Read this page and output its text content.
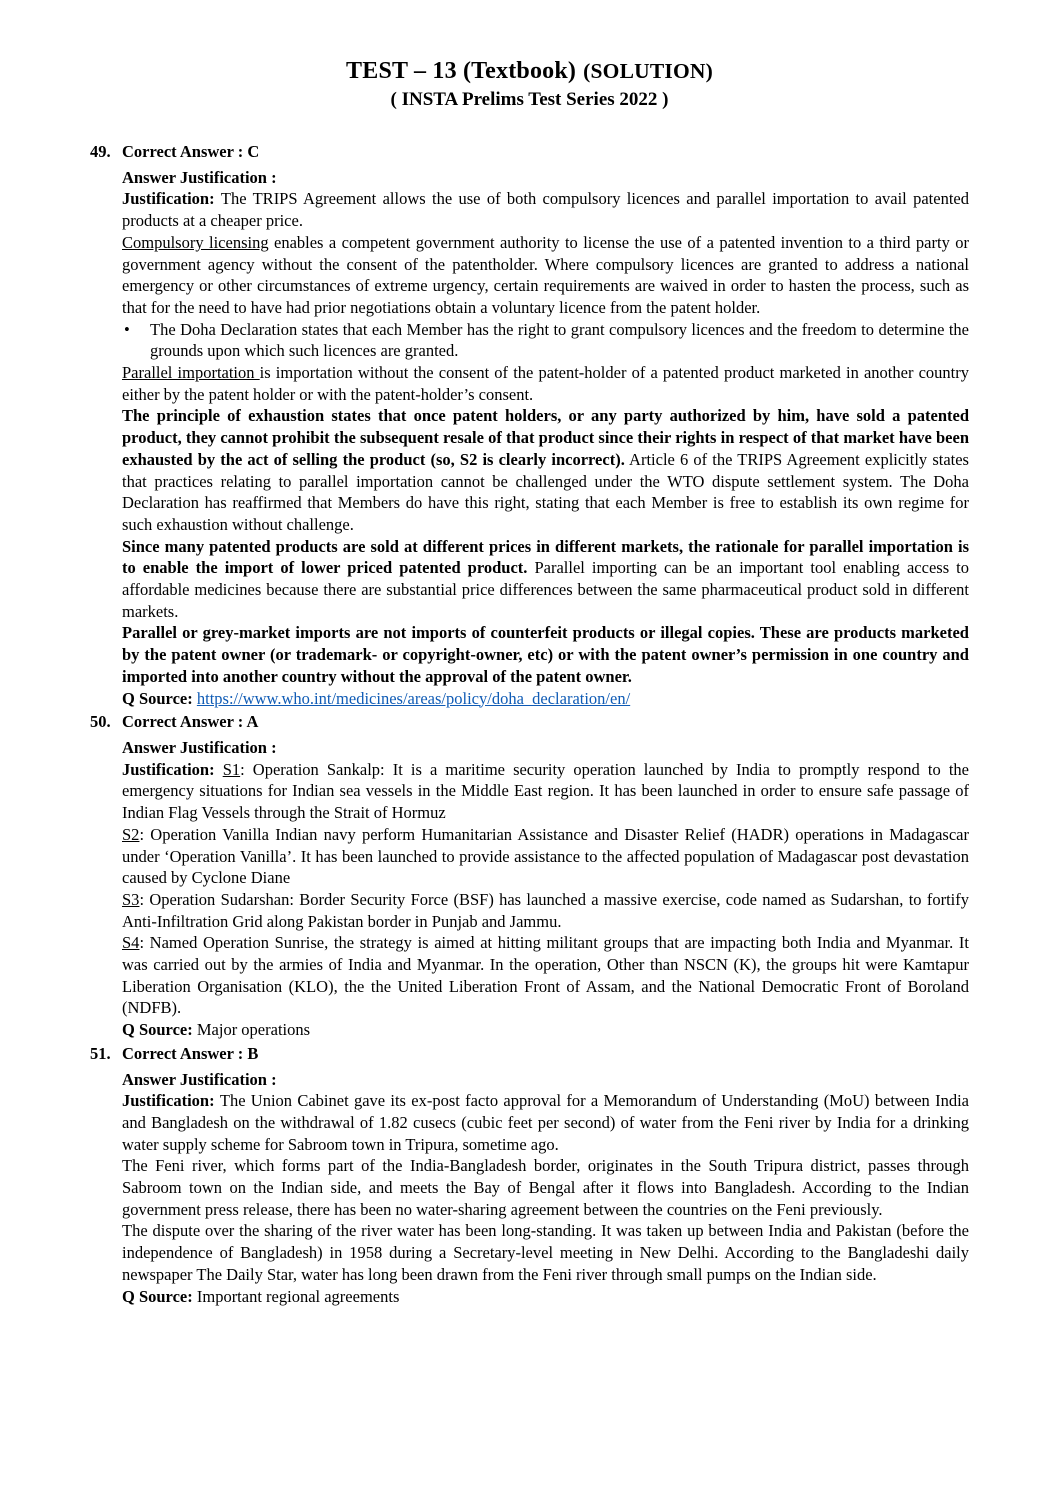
TEST – 13 (Textbook) (SOLUTION)
( INSTA Prelims Test Series 2022 )
49. Correct Answer : C
Answer Justification :

Justification: The TRIPS Agreement allows the use of both compulsory licences and parallel importation to avail patented products at a cheaper price.

Compulsory licensing enables a competent government authority to license the use of a patented invention to a third party or government agency without the consent of the patentholder. Where compulsory licences are granted to address a national emergency or other circumstances of extreme urgency, certain requirements are waived in order to hasten the process, such as that for the need to have had prior negotiations obtain a voluntary licence from the patent holder.

• The Doha Declaration states that each Member has the right to grant compulsory licences and the freedom to determine the grounds upon which such licences are granted.

Parallel importation is importation without the consent of the patent-holder of a patented product marketed in another country either by the patent holder or with the patent-holder’s consent.

The principle of exhaustion states that once patent holders, or any party authorized by him, have sold a patented product, they cannot prohibit the subsequent resale of that product since their rights in respect of that market have been exhausted by the act of selling the product (so, S2 is clearly incorrect). Article 6 of the TRIPS Agreement explicitly states that practices relating to parallel importation cannot be challenged under the WTO dispute settlement system. The Doha Declaration has reaffirmed that Members do have this right, stating that each Member is free to establish its own regime for such exhaustion without challenge.

Since many patented products are sold at different prices in different markets, the rationale for parallel importation is to enable the import of lower priced patented product. Parallel importing can be an important tool enabling access to affordable medicines because there are substantial price differences between the same pharmaceutical product sold in different markets.

Parallel or grey-market imports are not imports of counterfeit products or illegal copies. These are products marketed by the patent owner (or trademark- or copyright-owner, etc) or with the patent owner’s permission in one country and imported into another country without the approval of the patent owner.

Q Source: https://www.who.int/medicines/areas/policy/doha_declaration/en/

50. Correct Answer : A
Answer Justification :

Justification: S1: Operation Sankalp: It is a maritime security operation launched by India to promptly respond to the emergency situations for Indian sea vessels in the Middle East region. It has been launched in order to ensure safe passage of Indian Flag Vessels through the Strait of Hormuz

S2: Operation Vanilla Indian navy perform Humanitarian Assistance and Disaster Relief (HADR) operations in Madagascar under ‘Operation Vanilla’. It has been launched to provide assistance to the affected population of Madagascar post devastation caused by Cyclone Diane

S3: Operation Sudarshan: Border Security Force (BSF) has launched a massive exercise, code named as Sudarshan, to fortify Anti-Infiltration Grid along Pakistan border in Punjab and Jammu.

S4: Named Operation Sunrise, the strategy is aimed at hitting militant groups that are impacting both India and Myanmar. It was carried out by the armies of India and Myanmar. In the operation, Other than NSCN (K), the groups hit were Kamtapur Liberation Organisation (KLO), the the United Liberation Front of Assam, and the National Democratic Front of Boroland (NDFB).

Q Source: Major operations

51. Correct Answer : B
Answer Justification :

Justification: The Union Cabinet gave its ex-post facto approval for a Memorandum of Understanding (MoU) between India and Bangladesh on the withdrawal of 1.82 cusecs (cubic feet per second) of water from the Feni river by India for a drinking water supply scheme for Sabroom town in Tripura, sometime ago.

The Feni river, which forms part of the India-Bangladesh border, originates in the South Tripura district, passes through Sabroom town on the Indian side, and meets the Bay of Bengal after it flows into Bangladesh. According to the Indian government press release, there has been no water-sharing agreement between the countries on the Feni previously.

The dispute over the sharing of the river water has been long-standing. It was taken up between India and Pakistan (before the independence of Bangladesh) in 1958 during a Secretary-level meeting in New Delhi. According to the Bangladeshi daily newspaper The Daily Star, water has long been drawn from the Feni river through small pumps on the Indian side.

Q Source: Important regional agreements
